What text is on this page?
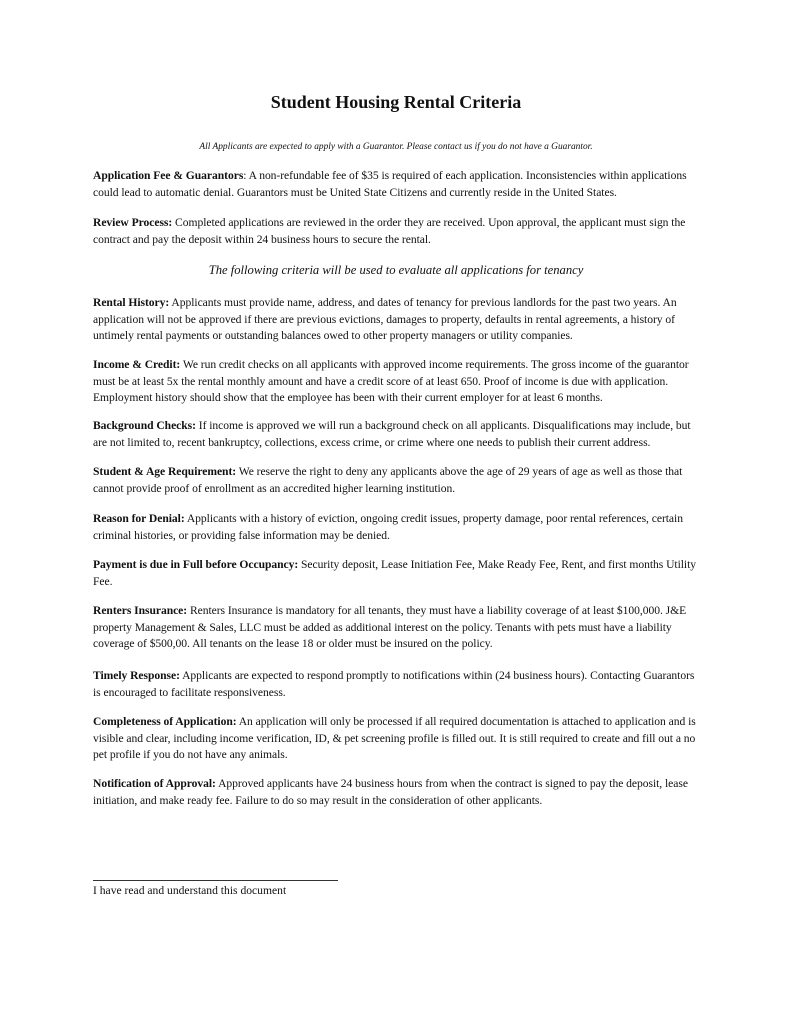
Student Housing Rental Criteria

All Applicants are expected to apply with a Guarantor. Please contact us if you do not have a Guarantor.

Application Fee & Guarantors: A non-refundable fee of $35 is required of each application. Inconsistencies within applications could lead to automatic denial. Guarantors must be United State Citizens and currently reside in the United States.

Review Process: Completed applications are reviewed in the order they are received. Upon approval, the applicant must sign the contract and pay the deposit within 24 business hours to secure the rental.

The following criteria will be used to evaluate all applications for tenancy

Rental History: Applicants must provide name, address, and dates of tenancy for previous landlords for the past two years. An application will not be approved if there are previous evictions, damages to property, defaults in rental agreements, a history of untimely rental payments or outstanding balances owed to other property managers or utility companies.

Income & Credit: We run credit checks on all applicants with approved income requirements. The gross income of the guarantor must be at least 5x the rental monthly amount and have a credit score of at least 650. Proof of income is due with application. Employment history should show that the employee has been with their current employer for at least 6 months.

Background Checks: If income is approved we will run a background check on all applicants. Disqualifications may include, but are not limited to, recent bankruptcy, collections, excess crime, or crime where one needs to publish their current address.

Student & Age Requirement: We reserve the right to deny any applicants above the age of 29 years of age as well as those that cannot provide proof of enrollment as an accredited higher learning institution.

Reason for Denial: Applicants with a history of eviction, ongoing credit issues, property damage, poor rental references, certain criminal histories, or providing false information may be denied.

Payment is due in Full before Occupancy: Security deposit, Lease Initiation Fee, Make Ready Fee, Rent, and first months Utility Fee.

Renters Insurance: Renters Insurance is mandatory for all tenants, they must have a liability coverage of at least $100,000. J&E property Management & Sales, LLC must be added as additional interest on the policy. Tenants with pets must have a liability coverage of $500,00. All tenants on the lease 18 or older must be insured on the policy.

Timely Response: Applicants are expected to respond promptly to notifications within (24 business hours). Contacting Guarantors is encouraged to facilitate responsiveness.

Completeness of Application: An application will only be processed if all required documentation is attached to application and is visible and clear, including income verification, ID, & pet screening profile is filled out. It is still required to create and fill out a no pet profile if you do not have any animals.

Notification of Approval: Approved applicants have 24 business hours from when the contract is signed to pay the deposit, lease initiation, and make ready fee. Failure to do so may result in the consideration of other applicants.

I have read and understand this document
